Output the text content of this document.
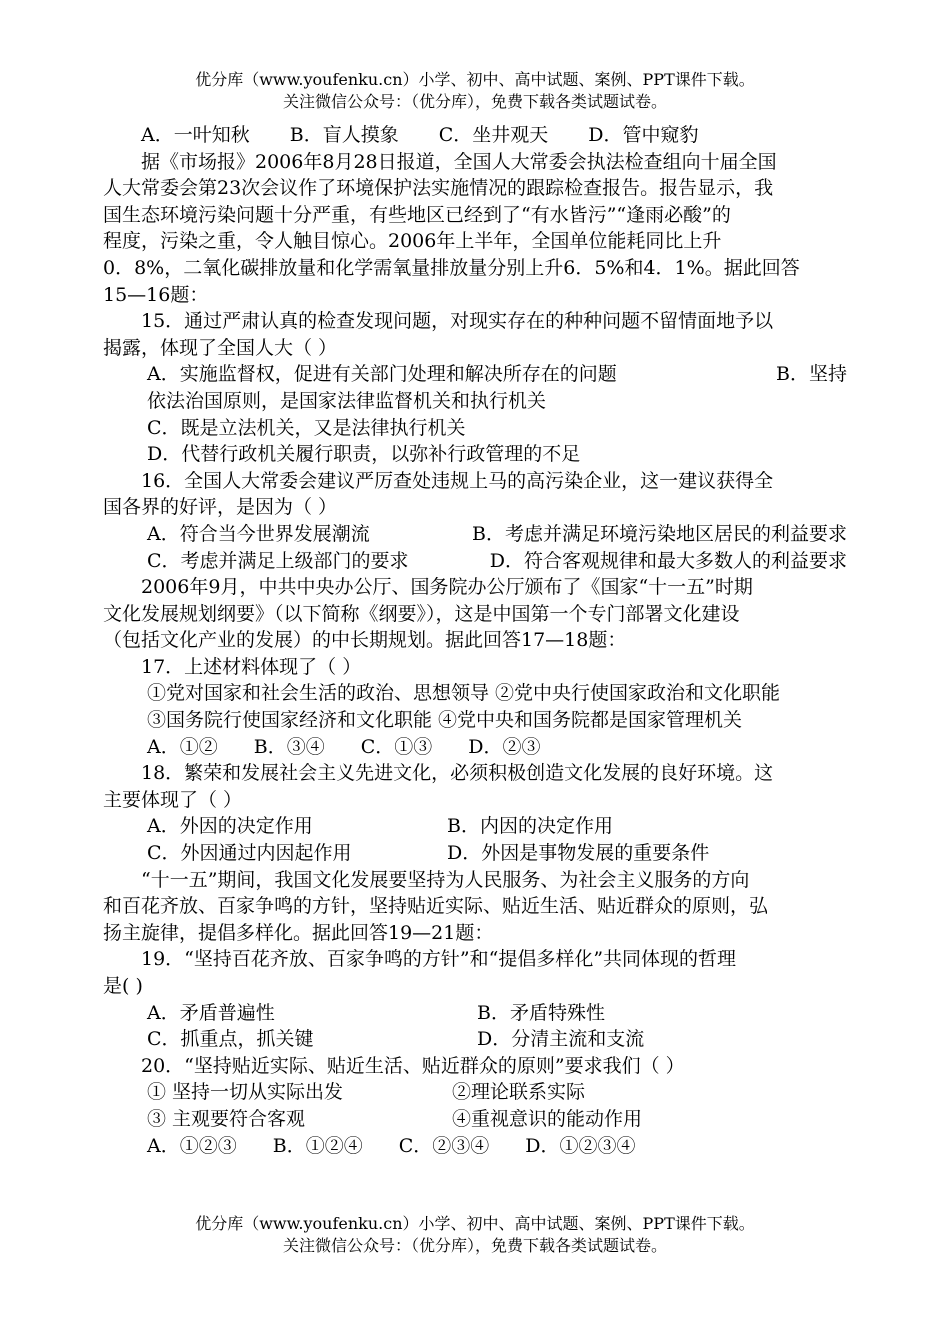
优分库（www.youfenku.cn）小学、初中、高中试题、案例、PPT课件下载。
关注微信公众号：（优分库），免费下载各类试题试卷。
A．一叶知秋 B．盲人摸象 C．坐井观天 D．管中窥豹
据《市场报》2006年8月28日报道，全国人大常委会执法检查组向十届全国
人大常委会第23次会议作了环境保护法实施情况的跟踪检查报告。报告显示，我
国生态环境污染问题十分严重，有些地区已经到了“有水皆污”“逢雨必酸”的
程度，污染之重，令人触目惊心。2006年上半年，全国单位能耗同比上升
0．8%，二氧化碳排放量和化学需氧量排放量分别上升6．5%和4．1%。据此回答
15—16题：
15．通过严肃认真的检查发现问题，对现实存在的种种问题不留情面地予以
揭露，体现了全国人大（ ）
A．实施监督权，促进有关部门处理和解决所存在的问题	B．坚持
依法治国原则，是国家法律监督机关和执行机关
C．既是立法机关，又是法律执行机关
D．代替行政机关履行职责，以弥补行政管理的不足
16．全国人大常委会建议严厉查处违规上马的高污染企业，这一建议获得全
国各界的好评，是因为（ ）
A．符合当今世界发展潮流	B．考虑并满足环境污染地区居民的利益要求
C．考虑并满足上级部门的要求	D．符合客观规律和最大多数人的利益要求
2006年9月，中共中央办公厅、国务院办公厅颁布了《国家“十一五”时期
文化发展规划纲要》（以下简称《纲要》），这是中国第一个专门部署文化建设
（包括文化产业的发展）的中长期规划。据此回答17—18题：
17．上述材料体现了（ ）
①党对国家和社会生活的政治、思想领导 ②党中央行使国家政治和文化职能
③国务院行使国家经济和文化职能 ④党中央和国务院都是国家管理机关
A．①② B．③④ C．①③ D．②③
18．繁荣和发展社会主义先进文化，必须积极创造文化发展的良好环境。这
主要体现了（ ）
A．外因的决定作用	B．内因的决定作用
C．外因通过内因起作用	D．外因是事物发展的重要条件
“十一五”期间，我国文化发展要坚持为人民服务、为社会主义服务的方向
和百花齐放、百家争鸣的方针，坚持贴近实际、贴近生活、贴近群众的原则，弘
扬主旋律，提倡多样化。据此回答19—21题：
19．“坚持百花齐放、百家争鸣的方针”和“提倡多样化”共同体现的哲理
是( )
A．矛盾普遍性	B．矛盾特殊性
C．抓重点，抓关键	D．分清主流和支流
20．“坚持贴近实际、贴近生活、贴近群众的原则”要求我们（ ）
① 坚持一切从实际出发	②理论联系实际
③ 主观要符合客观	④重视意识的能动作用
A．①②③ B．①②④ C．②③④ D．①②③④
优分库（www.youfenku.cn）小学、初中、高中试题、案例、PPT课件下载。
关注微信公众号：（优分库），免费下载各类试题试卷。
